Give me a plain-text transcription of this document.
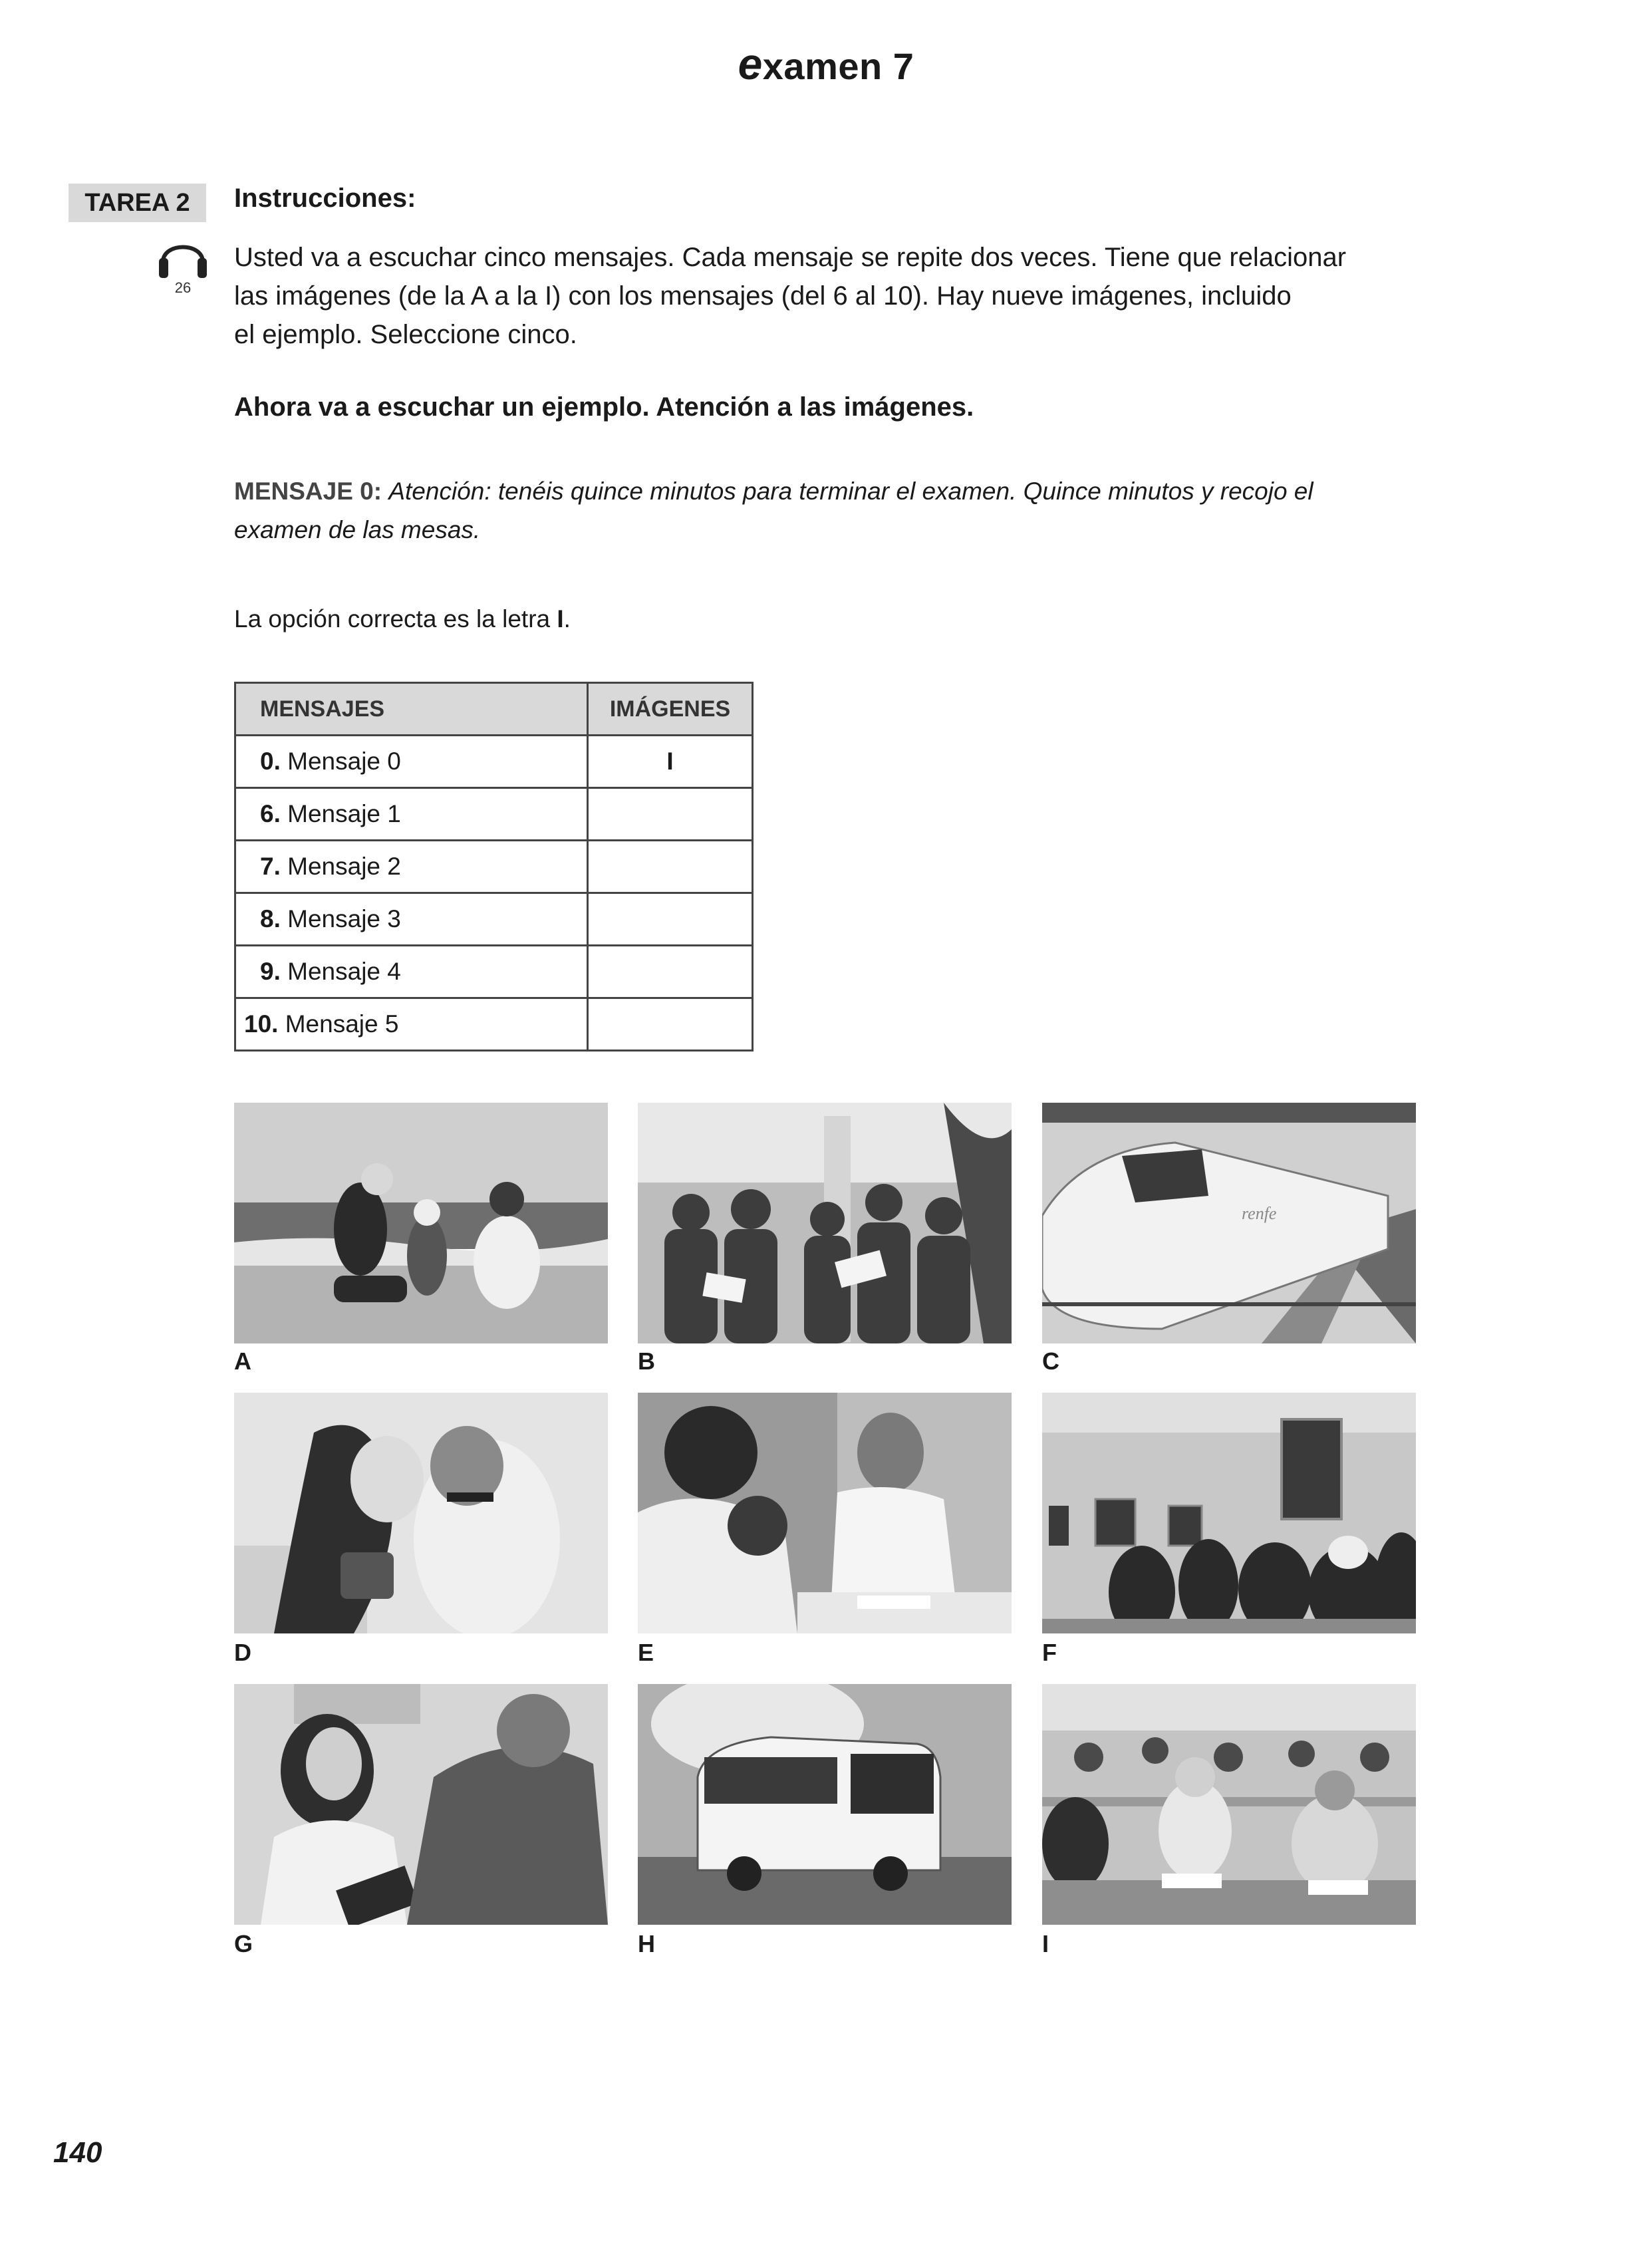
examen 7
TAREA 2	Instrucciones:
26
Usted va a escuchar cinco mensajes. Cada mensaje se repite dos veces. Tiene que relacionar
las imágenes (de la A a la I) con los mensajes (del 6 al 10). Hay nueve imágenes, incluido
el ejemplo. Seleccione cinco.
Ahora va a escuchar un ejemplo. Atención a las imágenes.
MENSAJE 0: Atención: tenéis quince minutos para terminar el examen. Quince minutos y recojo el
examen de las mesas.
La opción correcta es la letra I.
MENSAJES	IMÁGENES
0. Mensaje 0	I
6. Mensaje 1	
7. Mensaje 2	
8. Mensaje 3	
9. Mensaje 4	
10. Mensaje 5	
A	B
renfe
C
D	E	F
G	H	I
140
